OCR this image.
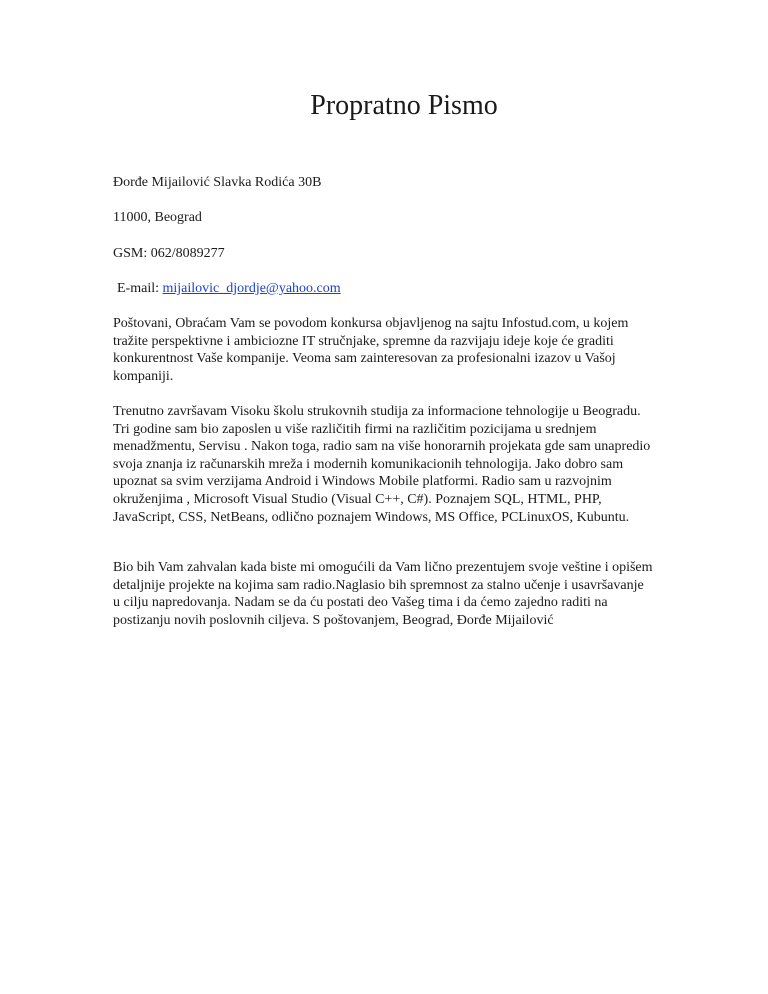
Propratno Pismo

Đorđe Mijailović Slavka Rodića 30B

11000, Beograd

GSM: 062/8089277

E-mail: mijailovic_djordje@yahoo.com

Poštovani, Obraćam Vam se povodom konkursa objavljenog na sajtu Infostud.com, u kojem tražite perspektivne i ambiciozne IT stručnjake, spremne da razvijaju ideje koje će graditi konkurentnost Vaše kompanije. Veoma sam zainteresovan za profesionalni izazov u Vašoj kompaniji.

Trenutno završavam Visoku školu strukovnih studija za informacione tehnologije u Beogradu. Tri godine sam bio zaposlen u više različitih firmi na različitim pozicijama u srednjem menadžmentu, Servisu . Nakon toga, radio sam na više honorarnih projekata gde sam unapredio svoja znanja iz računarskih mreža i modernih komunikacionih tehnologija. Jako dobro sam upoznat sa svim verzijama Android i Windows Mobile platformi. Radio sam u razvojnim okruženjima , Microsoft Visual Studio (Visual C++, C#). Poznajem SQL, HTML, PHP, JavaScript, CSS, NetBeans, odlično poznajem Windows, MS Office, PCLinuxOS, Kubuntu.

Bio bih Vam zahvalan kada biste mi omogućili da Vam lično prezentujem svoje veštine i opišem detaljnije projekte na kojima sam radio.Naglasio bih spremnost za stalno učenje i usavršavanje u cilju napredovanja. Nadam se da ću postati deo Vašeg tima i da ćemo zajedno raditi na postizanju novih poslovnih ciljeva. S poštovanjem, Beograd, Đorđe Mijailović
